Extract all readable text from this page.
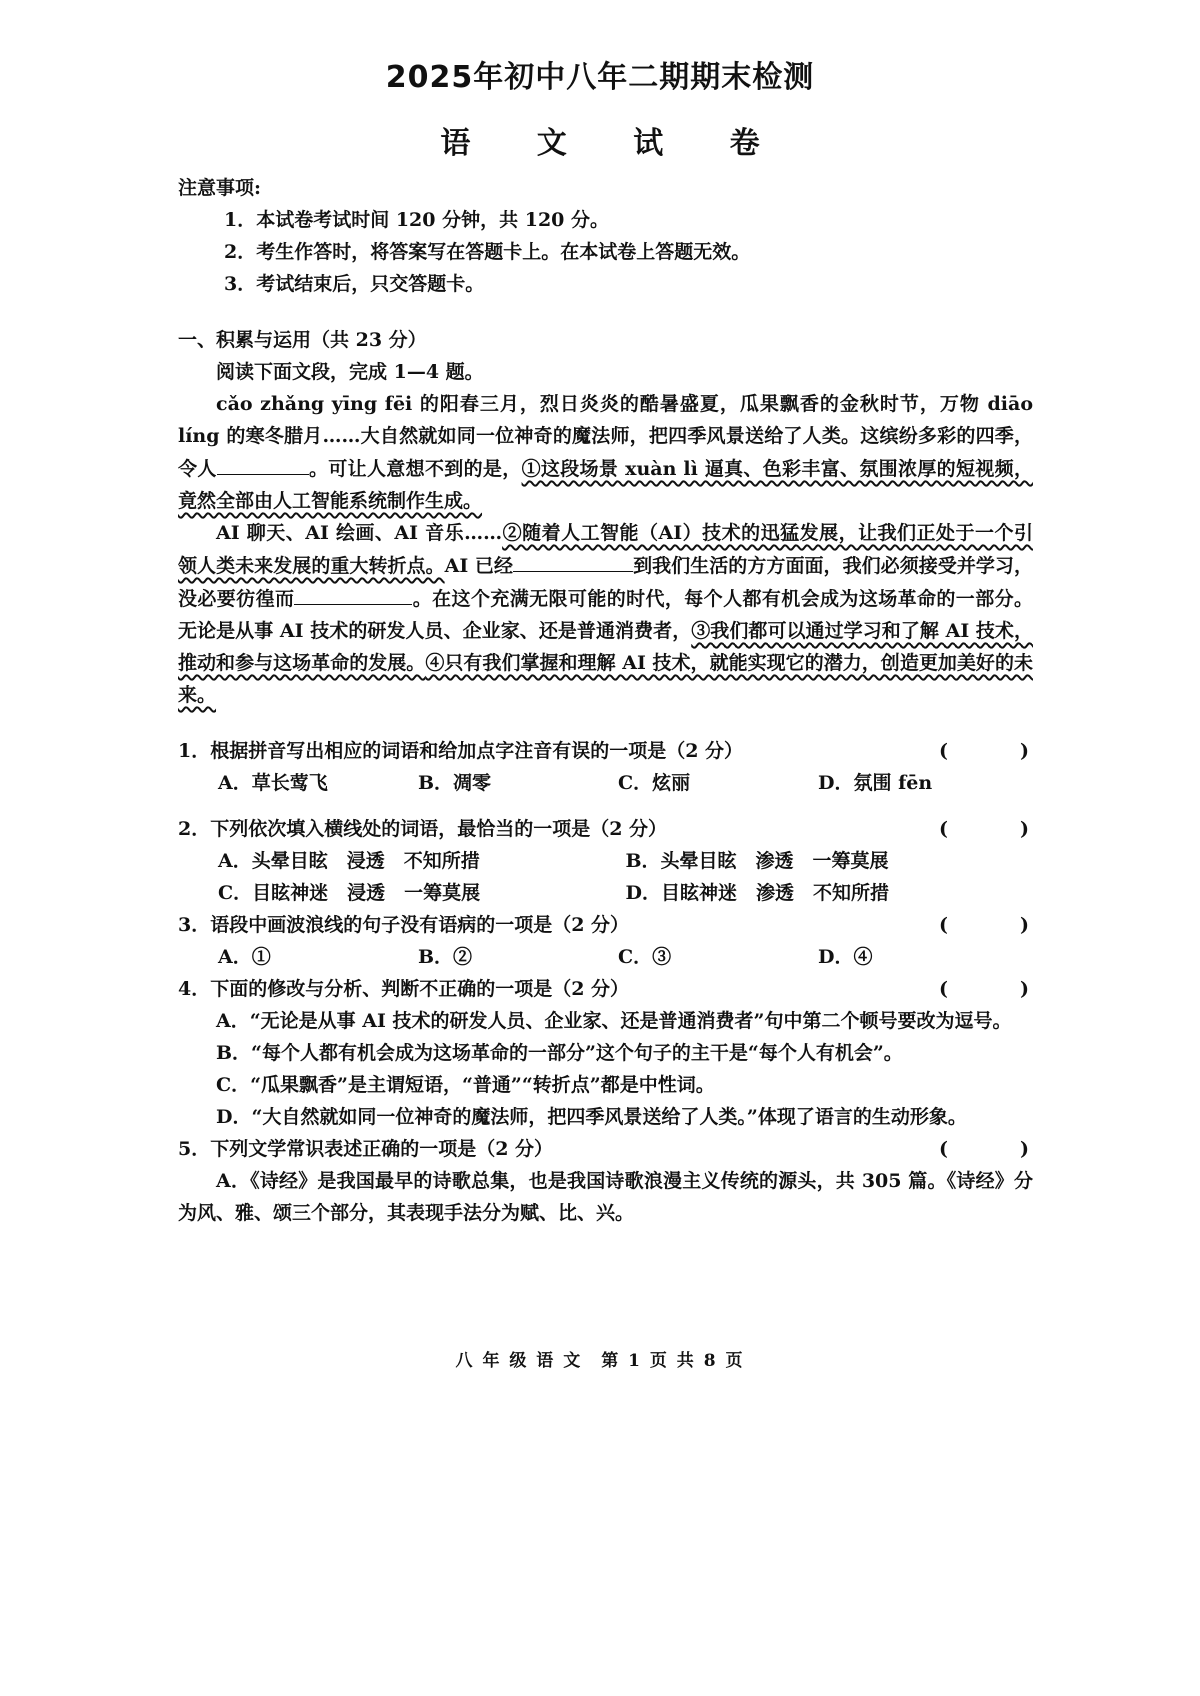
2025年初中八年二期期末检测
语 文 试 卷

注意事项:

1．本试卷考试时间 120 分钟，共 120 分。

2．考生作答时，将答案写在答题卡上。在本试卷上答题无效。

3．考试结束后，只交答题卡。

一、积累与运用（共 23 分）

阅读下面文段，完成 1—4 题。

cǎo zhǎng yīng fēi 的阳春三月，烈日炎炎的酷暑盛夏，瓜果飘香的金秋时节，万物 diāo líng 的寒冬腊月……大自然就如同一位神奇的魔法师，把四季风景送给了人类。这缤纷多彩的四季，令人	。可让人意想不到的是，①这段场景 xuàn lì 逼真、色彩丰富、氛围浓厚的短视频，竟然全部由人工智能系统制作生成。

AI 聊天、AI 绘画、AI 音乐……②随着人工智能（AI）技术的迅猛发展，让我们正处于一个引领人类未来发展的重大转折点。AI 已经	到我们生活的方方面面，我们必须接受并学习，没必要彷徨而	。在这个充满无限可能的时代，每个人都有机会成为这场革命的一部分。无论是从事 AI 技术的研发人员、企业家、还是普通消费者，③我们都可以通过学习和了解 AI 技术，推动和参与这场革命的发展。④只有我们掌握和理解 AI 技术，就能实现它的潜力，创造更加美好的未来。

1．根据拼音写出相应的词语和给加点字注音有误的一项是（2 分）	(	)
A．草长莺飞	B．凋零	C．炫丽	D．氛围 fēn
2．下列依次填入横线处的词语，最恰当的一项是（2 分）	(	)
A．头晕目眩　浸透　不知所措	B．头晕目眩　渗透　一筹莫展
C．目眩神迷　浸透　一筹莫展	D．目眩神迷　渗透　不知所措
3．语段中画波浪线的句子没有语病的一项是（2 分）	(	)
A．①	B．②	C．③	D．④
4．下面的修改与分析、判断不正确的一项是（2 分）	(	)

A．“无论是从事 AI 技术的研发人员、企业家、还是普通消费者”句中第二个顿号要改为逗号。

B．“每个人都有机会成为这场革命的一部分”这个句子的主干是“每个人有机会”。

C．“瓜果飘香”是主谓短语，“普通”“转折点”都是中性词。

D．“大自然就如同一位神奇的魔法师，把四季风景送给了人类。”体现了语言的生动形象。

5．下列文学常识表述正确的一项是（2 分）	(	)

A．《诗经》是我国最早的诗歌总集，也是我国诗歌浪漫主义传统的源头，共 305 篇。《诗经》分为风、雅、颂三个部分，其表现手法分为赋、比、兴。

八 年 级 语 文　第 1 页 共 8 页
